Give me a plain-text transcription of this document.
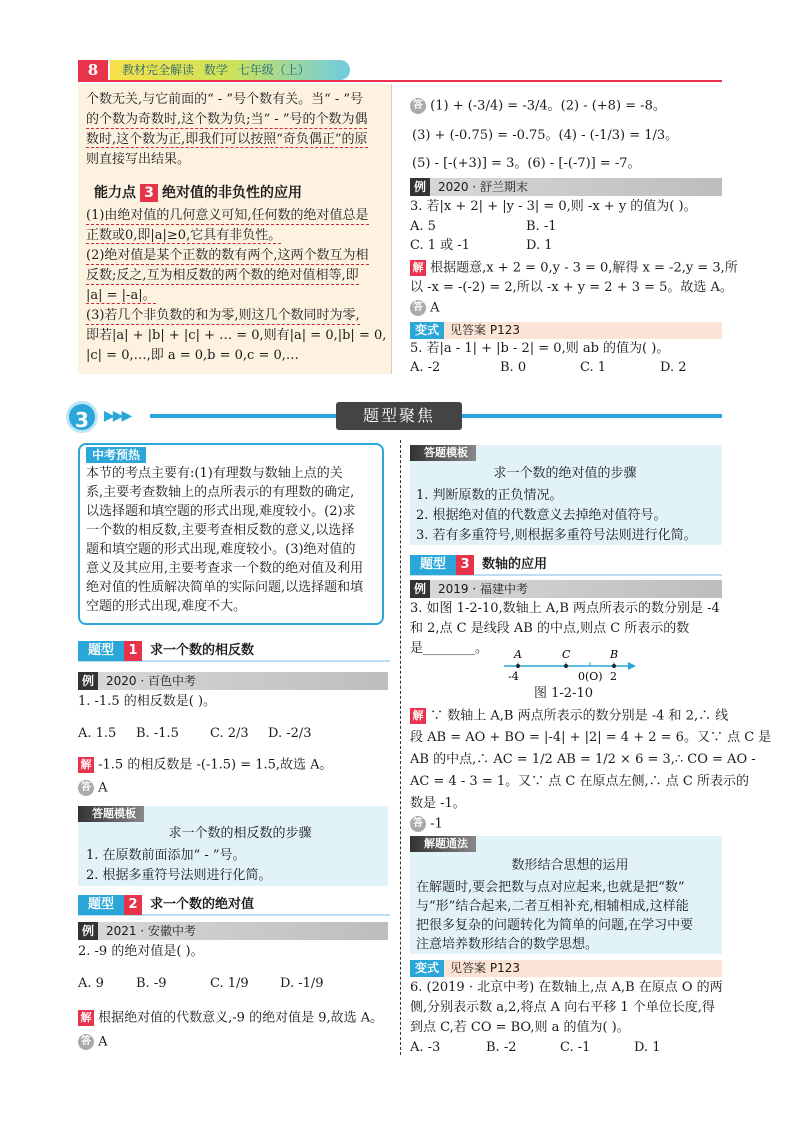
8	教材完全解读 数学 七年级（上）
个数无关,与它前面的“ - ”号个数有关。当“ - ”号
的个数为奇数时,这个数为负;当“ - ”号的个数为偶
数时,这个数为正,即我们可以按照“奇负偶正”的原
则直接写出结果。
能力点 3 绝对值的非负性的应用
(1)由绝对值的几何意义可知,任何数的绝对值总是
正数或0,即|a|≥0,它具有非负性。
(2)绝对值是某个正数的数有两个,这两个数互为相
反数;反之,互为相反数的两个数的绝对值相等,即
|a| = |-a|。
(3)若几个非负数的和为零,则这几个数同时为零,
即若|a| + |b| + |c| + … = 0,则有|a| = 0,|b| = 0,
|c| = 0,…,即 a = 0,b = 0,c = 0,…
答 (1) + (-3/4) = -3/4。(2) - (+8) = -8。
(3) + (-0.75) = -0.75。(4) - (-1/3) = 1/3。
(5) - [-(+3)] = 3。(6) - [-(-7)] = -7。
例 2020 · 舒兰期末
3. 若|x + 2| + |y - 3| = 0,则 -x + y 的值为( )。
A. 5	B. -1
C. 1 或 -1	D. 1
解 根据题意,x + 2 = 0,y - 3 = 0,解得 x = -2,y = 3,所
以 -x = -(-2) = 2,所以 -x + y = 2 + 3 = 5。故选 A。
答 A
变式 见答案 P123
5. 若|a - 1| + |b - 2| = 0,则 ab 的值为( )。
A. -2	B. 0	C. 1	D. 2
3	▶▶▶	题型聚焦
中考预热
本节的考点主要有:(1)有理数与数轴上点的关
系,主要考查数轴上的点所表示的有理数的确定,
以选择题和填空题的形式出现,难度较小。(2)求
一个数的相反数,主要考查相反数的意义,以选择
题和填空题的形式出现,难度较小。(3)绝对值的
意义及其应用,主要考查求一个数的绝对值及利用
绝对值的性质解决简单的实际问题,以选择题和填
空题的形式出现,难度不大。
题型 1 求一个数的相反数
例 2020 · 百色中考
1. -1.5 的相反数是( )。
A. 1.5 B. -1.5 C. 2/3 D. -2/3
解 -1.5 的相反数是 -(-1.5) = 1.5,故选 A。
答 A
答题模板
求一个数的相反数的步骤
1. 在原数前面添加“ - ”号。
2. 根据多重符号法则进行化简。
题型 2 求一个数的绝对值
例 2021 · 安徽中考
2. -9 的绝对值是( )。
A. 9 B. -9	C. 1/9 D. -1/9
解 根据绝对值的代数意义,-9 的绝对值是 9,故选 A。
答 A
答题模板
求一个数的绝对值的步骤
1. 判断原数的正负情况。
2. 根据绝对值的代数意义去掉绝对值符号。
3. 若有多重符号,则根据多重符号法则进行化简。
题型 3 数轴的应用
例 2019 · 福建中考
3. 如图 1-2-10,数轴上 A,B 两点所表示的数分别是 -4
和 2,点 C 是线段 AB 的中点,则点 C 所表示的数
是________。 A	C	B
-4	0(O) 2
图 1-2-10
解 ∵ 数轴上 A,B 两点所表示的数分别是 -4 和 2,∴ 线
段 AB = AO + BO = |-4| + |2| = 4 + 2 = 6。又∵ 点 C 是
AB 的中点,∴ AC = 1/2 AB = 1/2 × 6 = 3,∴ CO = AO -
AC = 4 - 3 = 1。又∵ 点 C 在原点左侧,∴ 点 C 所表示的
数是 -1。
答 -1
解题通法
数形结合思想的运用
在解题时,要会把数与点对应起来,也就是把“数”
与“形”结合起来,二者互相补充,相辅相成,这样能
把很多复杂的问题转化为简单的问题,在学习中要
注意培养数形结合的数学思想。
变式 见答案 P123
6. (2019 · 北京中考) 在数轴上,点 A,B 在原点 O 的两
侧,分别表示数 a,2,将点 A 向右平移 1 个单位长度,得
到点 C,若 CO = BO,则 a 的值为( )。
A. -3	B. -2	C. -1	D. 1
